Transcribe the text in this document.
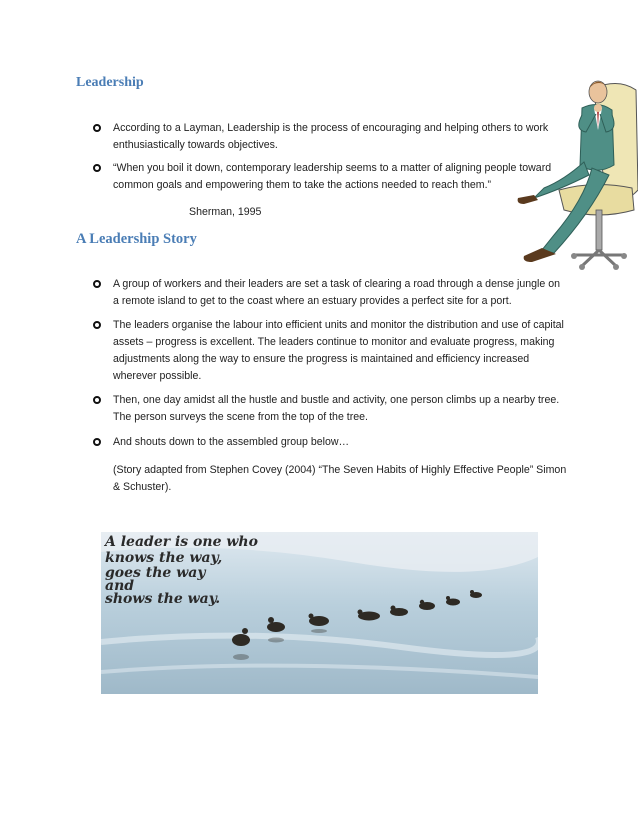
Leadership
According to a Layman, Leadership is the process of encouraging and helping others to work enthusiastically towards objectives.
“When you boil it down, contemporary leadership seems to a matter of aligning people toward common goals and empowering them to take the actions needed to reach them.”
Sherman, 1995
A Leadership Story
A group of workers and their leaders are set a task of clearing a road through a dense jungle on a remote island to get to the coast where an estuary provides a perfect site for a port.
The leaders organise the labour into efficient units and monitor the distribution and use of capital assets – progress is excellent. The leaders continue to monitor and evaluate progress, making adjustments along the way to ensure the progress is maintained and efficiency increased wherever possible.
Then, one day amidst all the hustle and bustle and activity, one person climbs up a nearby tree. The person surveys the scene from the top of the tree.
And shouts down to the assembled group below…
(Story adapted from Stephen Covey (2004) “The Seven Habits of Highly Effective People” Simon & Schuster).
A leader is one who
knows the way,
goes the way
and
shows the way.
